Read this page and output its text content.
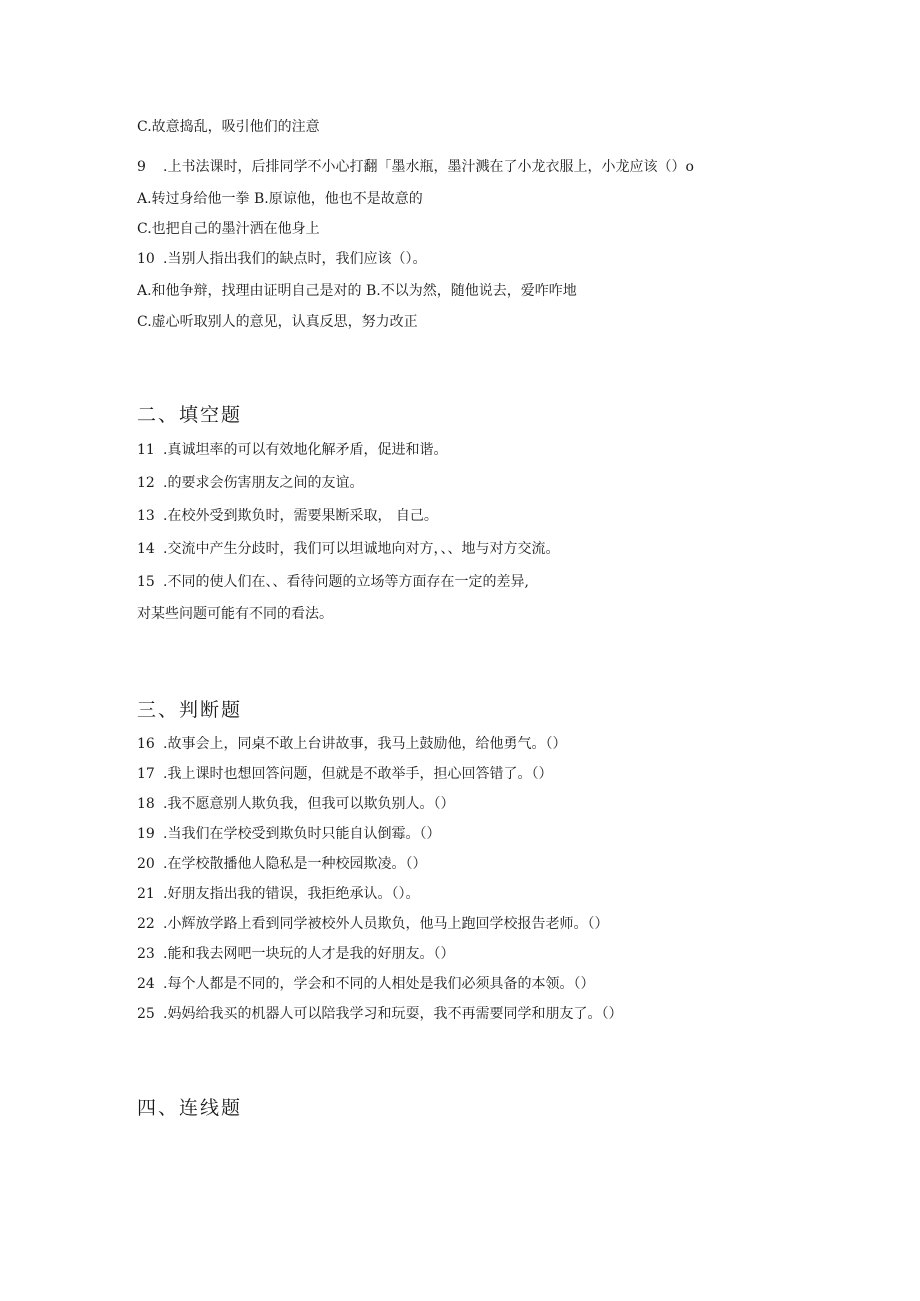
C.故意捣乱，吸引他们的注意
9 .上书法课时，后排同学不小心打翻「墨水瓶，墨汁溅在了小龙衣服上，小龙应该（）o
A.转过身给他一拳 B.原谅他，他也不是故意的
C.也把自己的墨汁洒在他身上
10 .当别人指出我们的缺点时，我们应该（）。
A.和他争辩，找理由证明自己是对的 B.不以为然，随他说去，爱咋咋地
C.虚心听取别人的意见，认真反思，努力改正
二、填空题
11 .真诚坦率的可以有效地化解矛盾，促进和谐。
12 .的要求会伤害朋友之间的友谊。
13 .在校外受到欺负时，需要果断采取， 自己。
14 .交流中产生分歧时，我们可以坦诚地向对方，、、地与对方交流。
15 .不同的使人们在、、看待问题的立场等方面存在一定的差异,
对某些问题可能有不同的看法。
三、判断题
16 .故事会上，同桌不敢上台讲故事，我马上鼓励他，给他勇气。（）
17 .我上课时也想回答问题，但就是不敢举手，担心回答错了。（）
18 .我不愿意别人欺负我，但我可以欺负别人。（）
19 .当我们在学校受到欺负时只能自认倒霉。（）
20 .在学校散播他人隐私是一种校园欺凌。（）
21 .好朋友指出我的错误，我拒绝承认。（）。
22 .小辉放学路上看到同学被校外人员欺负，他马上跑回学校报告老师。（）
23 .能和我去网吧一块玩的人才是我的好朋友。（）
24 .每个人都是不同的，学会和不同的人相处是我们必须具备的本领。（）
25 .妈妈给我买的机器人可以陪我学习和玩耍，我不再需要同学和朋友了。（）
四、连线题
